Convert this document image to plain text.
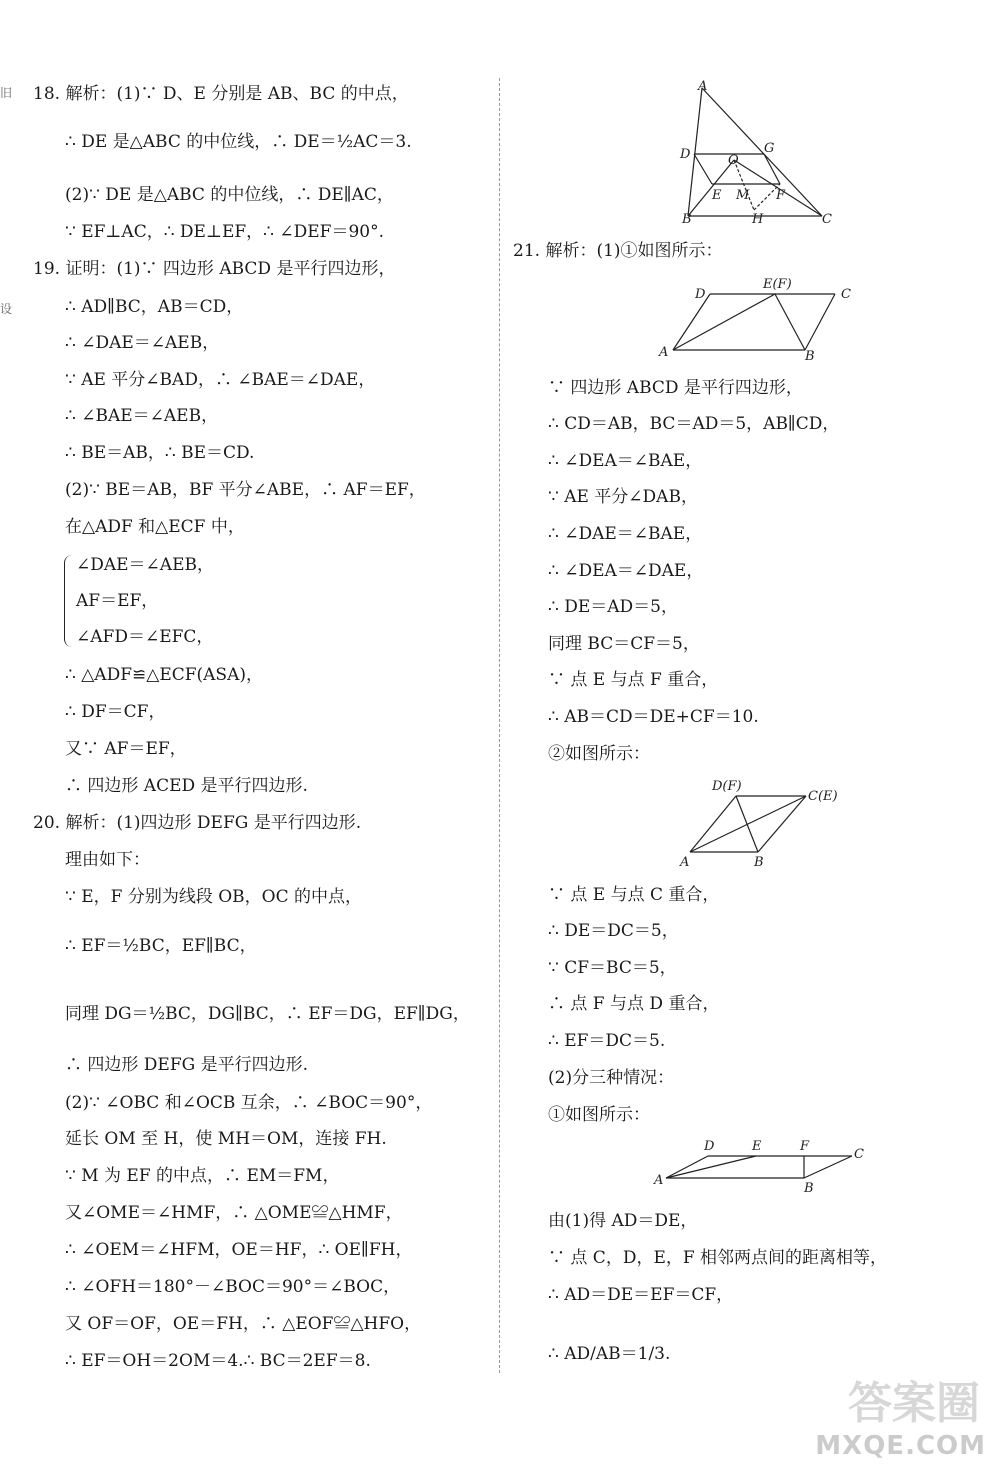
旧
设
18. 解析：(1)∵ D、E 分别是 AB、BC 的中点，
∴ DE 是△ABC 的中位线，∴ DE＝½AC＝3.
(2)∵ DE 是△ABC 的中位线，∴ DE∥AC，
∵ EF⊥AC，∴ DE⊥EF，∴ ∠DEF＝90°.
19. 证明：(1)∵ 四边形 ABCD 是平行四边形，
∴ AD∥BC，AB＝CD，
∴ ∠DAE＝∠AEB，
∵ AE 平分∠BAD，∴ ∠BAE＝∠DAE，
∴ ∠BAE＝∠AEB，
∴ BE＝AB，∴ BE＝CD.
(2)∵ BE＝AB，BF 平分∠ABE，∴ AF＝EF，
在△ADF 和△ECF 中，
∠DAE＝∠AEB，
AF＝EF，
∠AFD＝∠EFC，
∴ △ADF≌△ECF(ASA)，
∴ DF＝CF，
又∵ AF＝EF，
∴ 四边形 ACED 是平行四边形.
20. 解析：(1)四边形 DEFG 是平行四边形.
理由如下：
∵ E，F 分别为线段 OB，OC 的中点，
∴ EF＝½BC，EF∥BC，
同理 DG＝½BC，DG∥BC，∴ EF＝DG，EF∥DG，
∴ 四边形 DEFG 是平行四边形.
(2)∵ ∠OBC 和∠OCB 互余，∴ ∠BOC＝90°，
延长 OM 至 H，使 MH＝OM，连接 FH.
∵ M 为 EF 的中点，∴ EM＝FM，
又∠OME＝∠HMF，∴ △OME≌△HMF，
∴ ∠OEM＝∠HFM，OE＝HF，∴ OE∥FH，
∴ ∠OFH＝180°－∠BOC＝90°＝∠BOC，
又 OF＝OF，OE＝FH，∴ △EOF≌△HFO，
∴ EF＝OH＝2OM＝4.∴ BC＝2EF＝8.
21. 解析：(1)①如图所示：
∵ 四边形 ABCD 是平行四边形，
∴ CD＝AB，BC＝AD＝5，AB∥CD，
∴ ∠DEA＝∠BAE，
∵ AE 平分∠DAB，
∴ ∠DAE＝∠BAE，
∴ ∠DEA＝∠DAE，
∴ DE＝AD＝5，
同理 BC＝CF＝5，
∵ 点 E 与点 F 重合，
∴ AB＝CD＝DE+CF＝10.
②如图所示：
∵ 点 E 与点 C 重合，
∴ DE＝DC＝5，
∵ CF＝BC＝5，
∴ 点 F 与点 D 重合，
∴ EF＝DC＝5.
(2)分三种情况：
①如图所示：
由(1)得 AD＝DE，
∵ 点 C，D，E，F 相邻两点间的距离相等，
∴ AD＝DE＝EF＝CF，
∴ AD/AB＝1/3.
A
D	G
O
E M F
B	H	C
D
E(F)
C
A	B
D(F)
C(E)
A	B
D	E	F
C
A
B
答案圈
MXQE.COM
